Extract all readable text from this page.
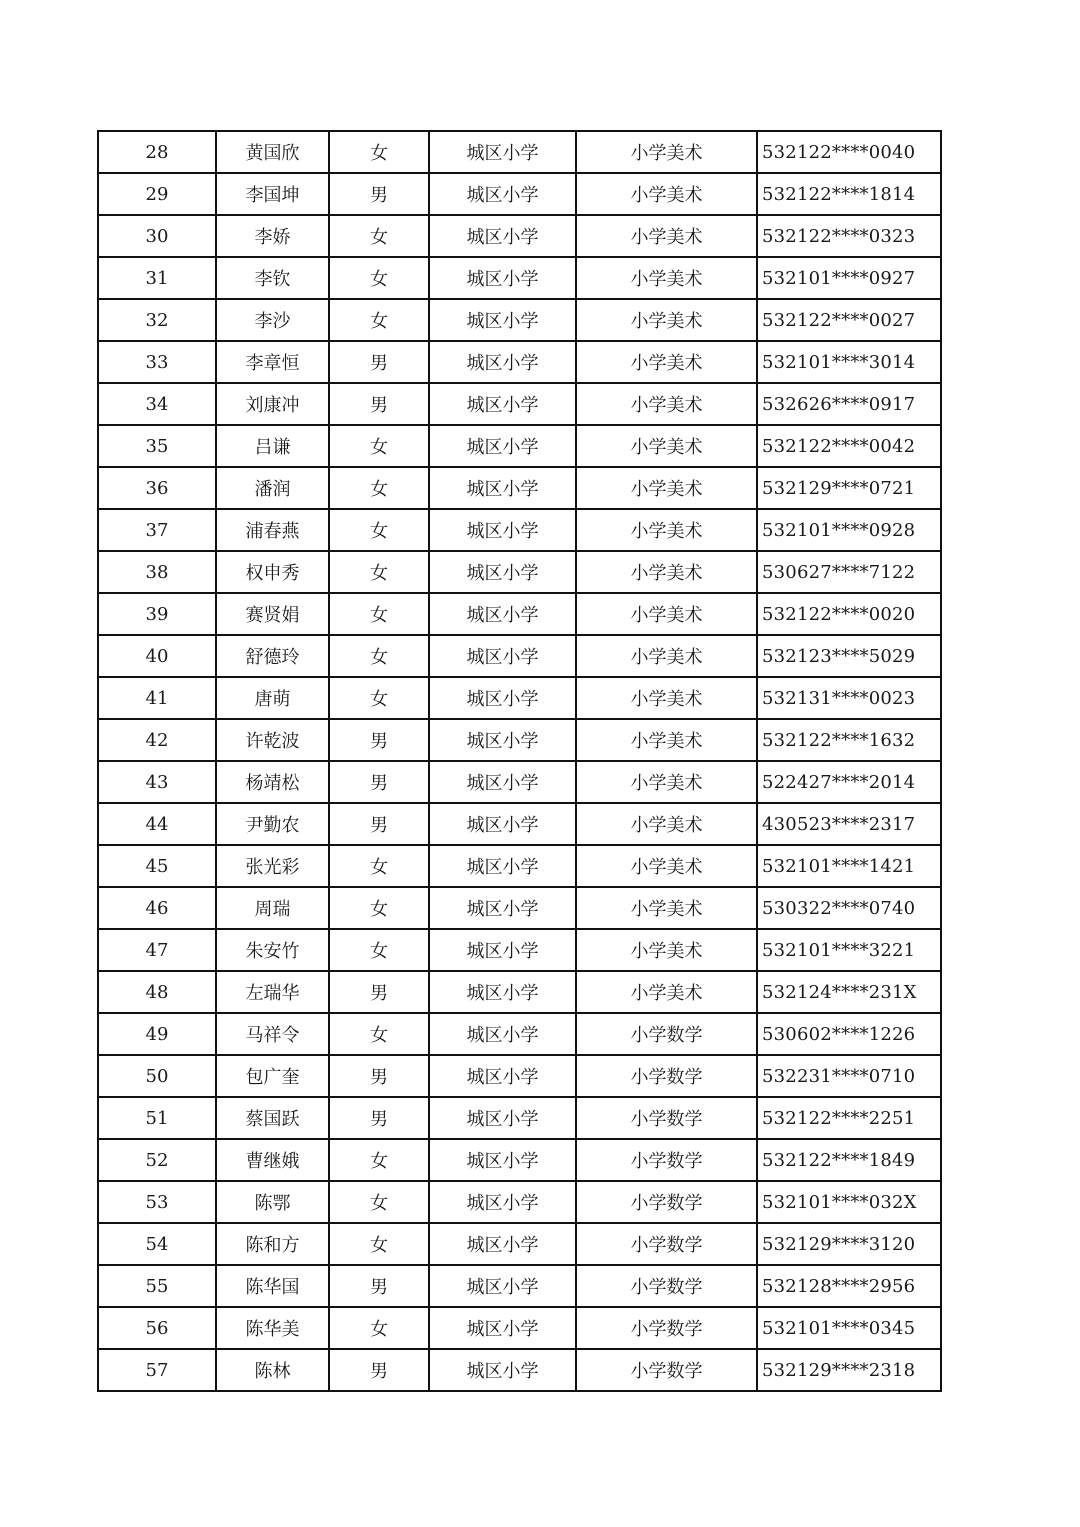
28	黄国欣	女	城区小学	小学美术	532122****0040
29	李国坤	男	城区小学	小学美术	532122****1814
30	李娇	女	城区小学	小学美术	532122****0323
31	李钦	女	城区小学	小学美术	532101****0927
32	李沙	女	城区小学	小学美术	532122****0027
33	李章恒	男	城区小学	小学美术	532101****3014
34	刘康冲	男	城区小学	小学美术	532626****0917
35	吕谦	女	城区小学	小学美术	532122****0042
36	潘润	女	城区小学	小学美术	532129****0721
37	浦春燕	女	城区小学	小学美术	532101****0928
38	权申秀	女	城区小学	小学美术	530627****7122
39	赛贤娟	女	城区小学	小学美术	532122****0020
40	舒德玲	女	城区小学	小学美术	532123****5029
41	唐萌	女	城区小学	小学美术	532131****0023
42	许乾波	男	城区小学	小学美术	532122****1632
43	杨靖松	男	城区小学	小学美术	522427****2014
44	尹勤农	男	城区小学	小学美术	430523****2317
45	张光彩	女	城区小学	小学美术	532101****1421
46	周瑞	女	城区小学	小学美术	530322****0740
47	朱安竹	女	城区小学	小学美术	532101****3221
48	左瑞华	男	城区小学	小学美术	532124****231X
49	马祥令	女	城区小学	小学数学	530602****1226
50	包广奎	男	城区小学	小学数学	532231****0710
51	蔡国跃	男	城区小学	小学数学	532122****2251
52	曹继娥	女	城区小学	小学数学	532122****1849
53	陈鄂	女	城区小学	小学数学	532101****032X
54	陈和方	女	城区小学	小学数学	532129****3120
55	陈华国	男	城区小学	小学数学	532128****2956
56	陈华美	女	城区小学	小学数学	532101****0345
57	陈林	男	城区小学	小学数学	532129****2318
